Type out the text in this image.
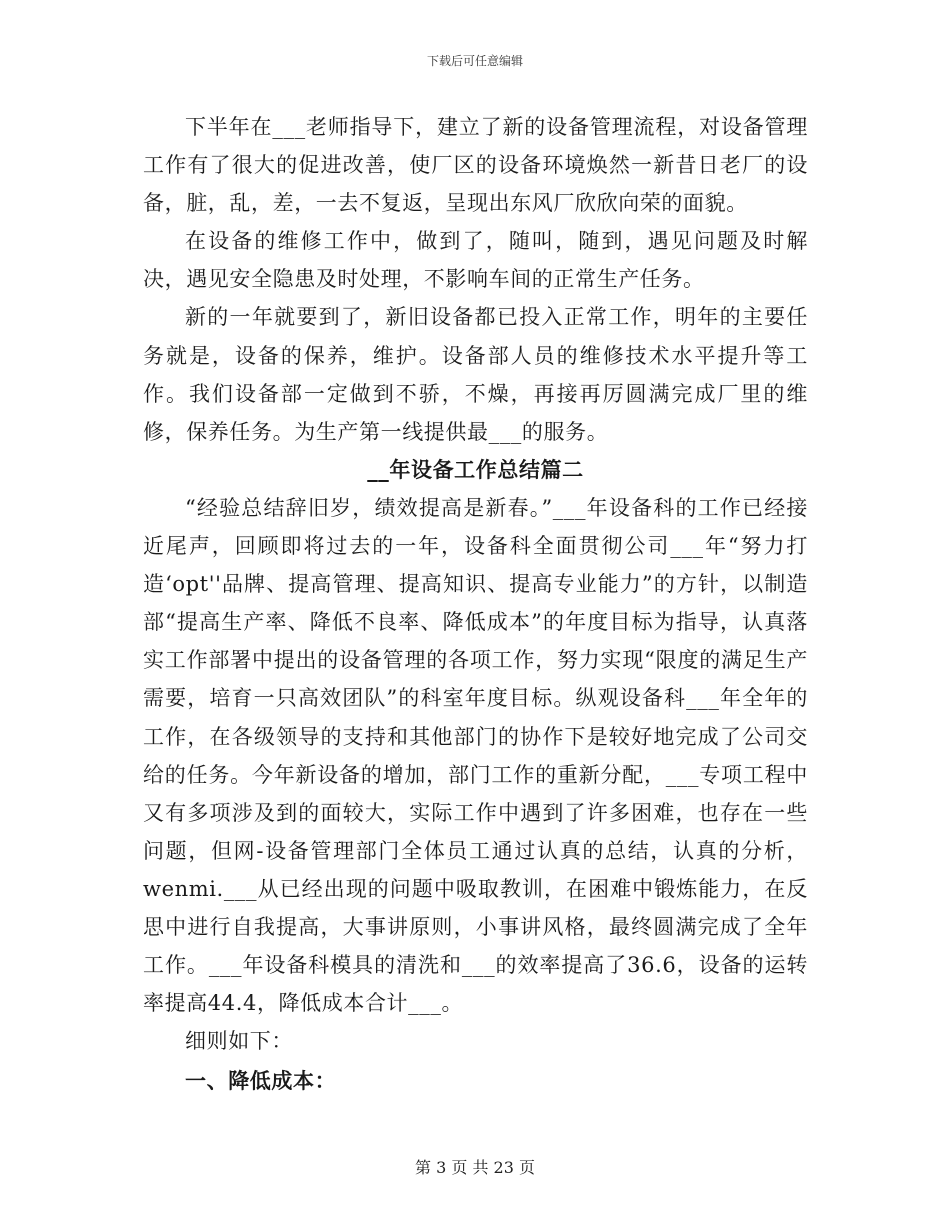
下载后可任意编辑

下半年在___老师指导下，建立了新的设备管理流程，对设备管理工作有了很大的促进改善，使厂区的设备环境焕然一新昔日老厂的设备，脏，乱，差，一去不复返，呈现出东风厂欣欣向荣的面貌。

在设备的维修工作中，做到了，随叫，随到，遇见问题及时解决，遇见安全隐患及时处理，不影响车间的正常生产任务。

新的一年就要到了，新旧设备都已投入正常工作，明年的主要任务就是，设备的保养，维护。设备部人员的维修技术水平提升等工作。我们设备部一定做到不骄，不燥，再接再厉圆满完成厂里的维修，保养任务。为生产第一线提供最___的服务。

__年设备工作总结篇二

“经验总结辞旧岁，绩效提高是新春。”___年设备科的工作已经接近尾声，回顾即将过去的一年，设备科全面贯彻公司___年“努力打造‘opt''品牌、提高管理、提高知识、提高专业能力”的方针，以制造部“提高生产率、降低不良率、降低成本”的年度目标为指导，认真落实工作部署中提出的设备管理的各项工作，努力实现“限度的满足生产需要，培育一只高效团队”的科室年度目标。纵观设备科___年全年的工作，在各级领导的支持和其他部门的协作下是较好地完成了公司交给的任务。今年新设备的增加，部门工作的重新分配，___专项工程中又有多项涉及到的面较大，实际工作中遇到了许多困难，也存在一些问题，但网-设备管理部门全体员工通过认真的总结，认真的分析，wenmi.___从已经出现的问题中吸取教训，在困难中锻炼能力，在反思中进行自我提高，大事讲原则，小事讲风格，最终圆满完成了全年工作。___年设备科模具的清洗和___的效率提高了36.6，设备的运转率提高44.4，降低成本合计___。

细则如下：

一、降低成本：
第 3 页 共 23 页
